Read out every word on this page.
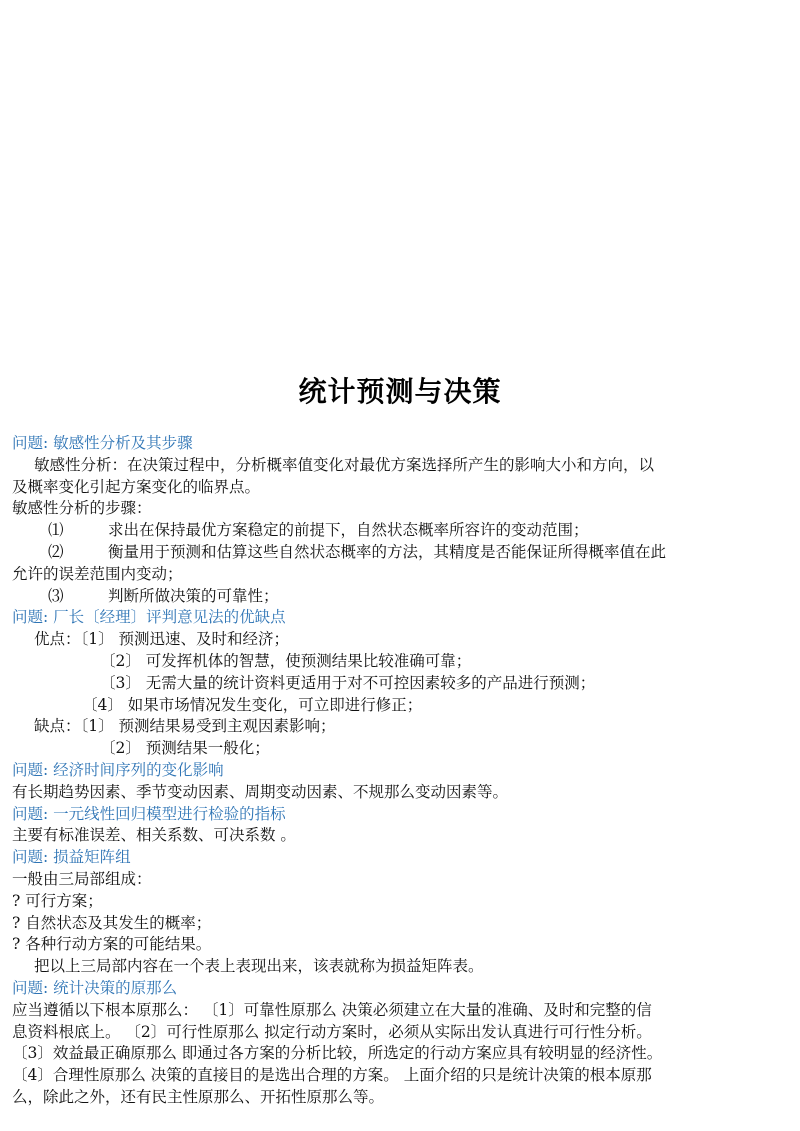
统计预测与决策
问题: 敏感性分析及其步骤
敏感性分析：在决策过程中，分析概率值变化对最优方案选择所产生的影响大小和方向，以
及概率变化引起方案变化的临界点。
敏感性分析的步骤：
⑴	求出在保持最优方案稳定的前提下，自然状态概率所容许的变动范围；
⑵	衡量用于预测和估算这些自然状态概率的方法，其精度是否能保证所得概率值在此
允许的误差范围内变动；
⑶	判断所做决策的可靠性；
问题: 厂长〔经理〕评判意见法的优缺点
优点：〔1〕 预测迅速、及时和经济；
〔2〕 可发挥机体的智慧，使预测结果比较准确可靠；
〔3〕 无需大量的统计资料更适用于对不可控因素较多的产品进行预测；
〔4〕 如果市场情况发生变化，可立即进行修正；
缺点：〔1〕 预测结果易受到主观因素影响；
〔2〕 预测结果一般化；
问题: 经济时间序列的变化影响
有长期趋势因素、季节变动因素、周期变动因素、不规那么变动因素等。
问题: 一元线性回归模型进行检验的指标
主要有标准误差、相关系数、可决系数 。
问题: 损益矩阵组
一般由三局部组成：
? 可行方案；
? 自然状态及其发生的概率；
? 各种行动方案的可能结果。
把以上三局部内容在一个表上表现出来，该表就称为损益矩阵表。
问题: 统计决策的原那么
应当遵循以下根本原那么： 〔1〕可靠性原那么 决策必须建立在大量的准确、及时和完整的信
息资料根底上。 〔2〕可行性原那么 拟定行动方案时，必须从实际出发认真进行可行性分析。
〔3〕效益最正确原那么 即通过各方案的分析比较，所选定的行动方案应具有较明显的经济性。
〔4〕合理性原那么 决策的直接目的是选出合理的方案。 上面介绍的只是统计决策的根本原那
么，除此之外，还有民主性原那么、开拓性原那么等。
